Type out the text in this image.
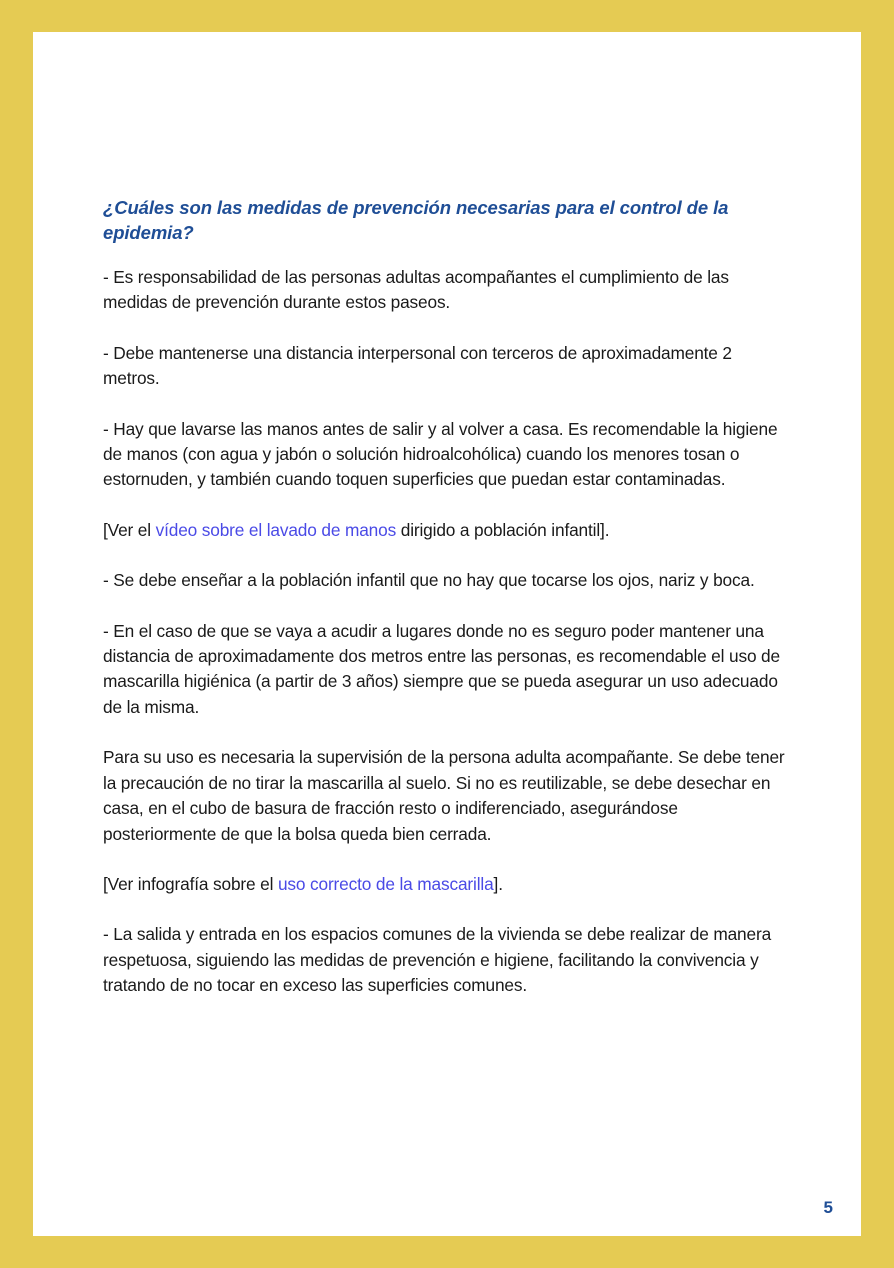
¿Cuáles son las medidas de prevención necesarias para el control de la epidemia?

- Es responsabilidad de las personas adultas acompañantes el cumplimiento de las medidas de prevención durante estos paseos.

- Debe mantenerse una distancia interpersonal con terceros de aproximadamente 2 metros.

- Hay que lavarse las manos antes de salir y al volver a casa. Es recomendable la higiene de manos (con agua y jabón o solución hidroalcohólica) cuando los menores tosan o estornuden, y también cuando toquen superficies que puedan estar contaminadas.

[Ver el vídeo sobre el lavado de manos dirigido a población infantil].

- Se debe enseñar a la población infantil que no hay que tocarse los ojos, nariz y boca.

- En el caso de que se vaya a acudir a lugares donde no es seguro poder mantener una distancia de aproximadamente dos metros entre las personas, es recomendable el uso de mascarilla higiénica (a partir de 3 años) siempre que se pueda asegurar un uso adecuado de la misma.

Para su uso es necesaria la supervisión de la persona adulta acompañante. Se debe tener la precaución de no tirar la mascarilla al suelo. Si no es reutilizable, se debe desechar en casa, en el cubo de basura de fracción resto o indiferenciado, asegurándose posteriormente de que la bolsa queda bien cerrada.

[Ver infografía sobre el uso correcto de la mascarilla].

- La salida y entrada en los espacios comunes de la vivienda se debe realizar de manera respetuosa, siguiendo las medidas de prevención e higiene, facilitando la convivencia y tratando de no tocar en exceso las superficies comunes.

5
